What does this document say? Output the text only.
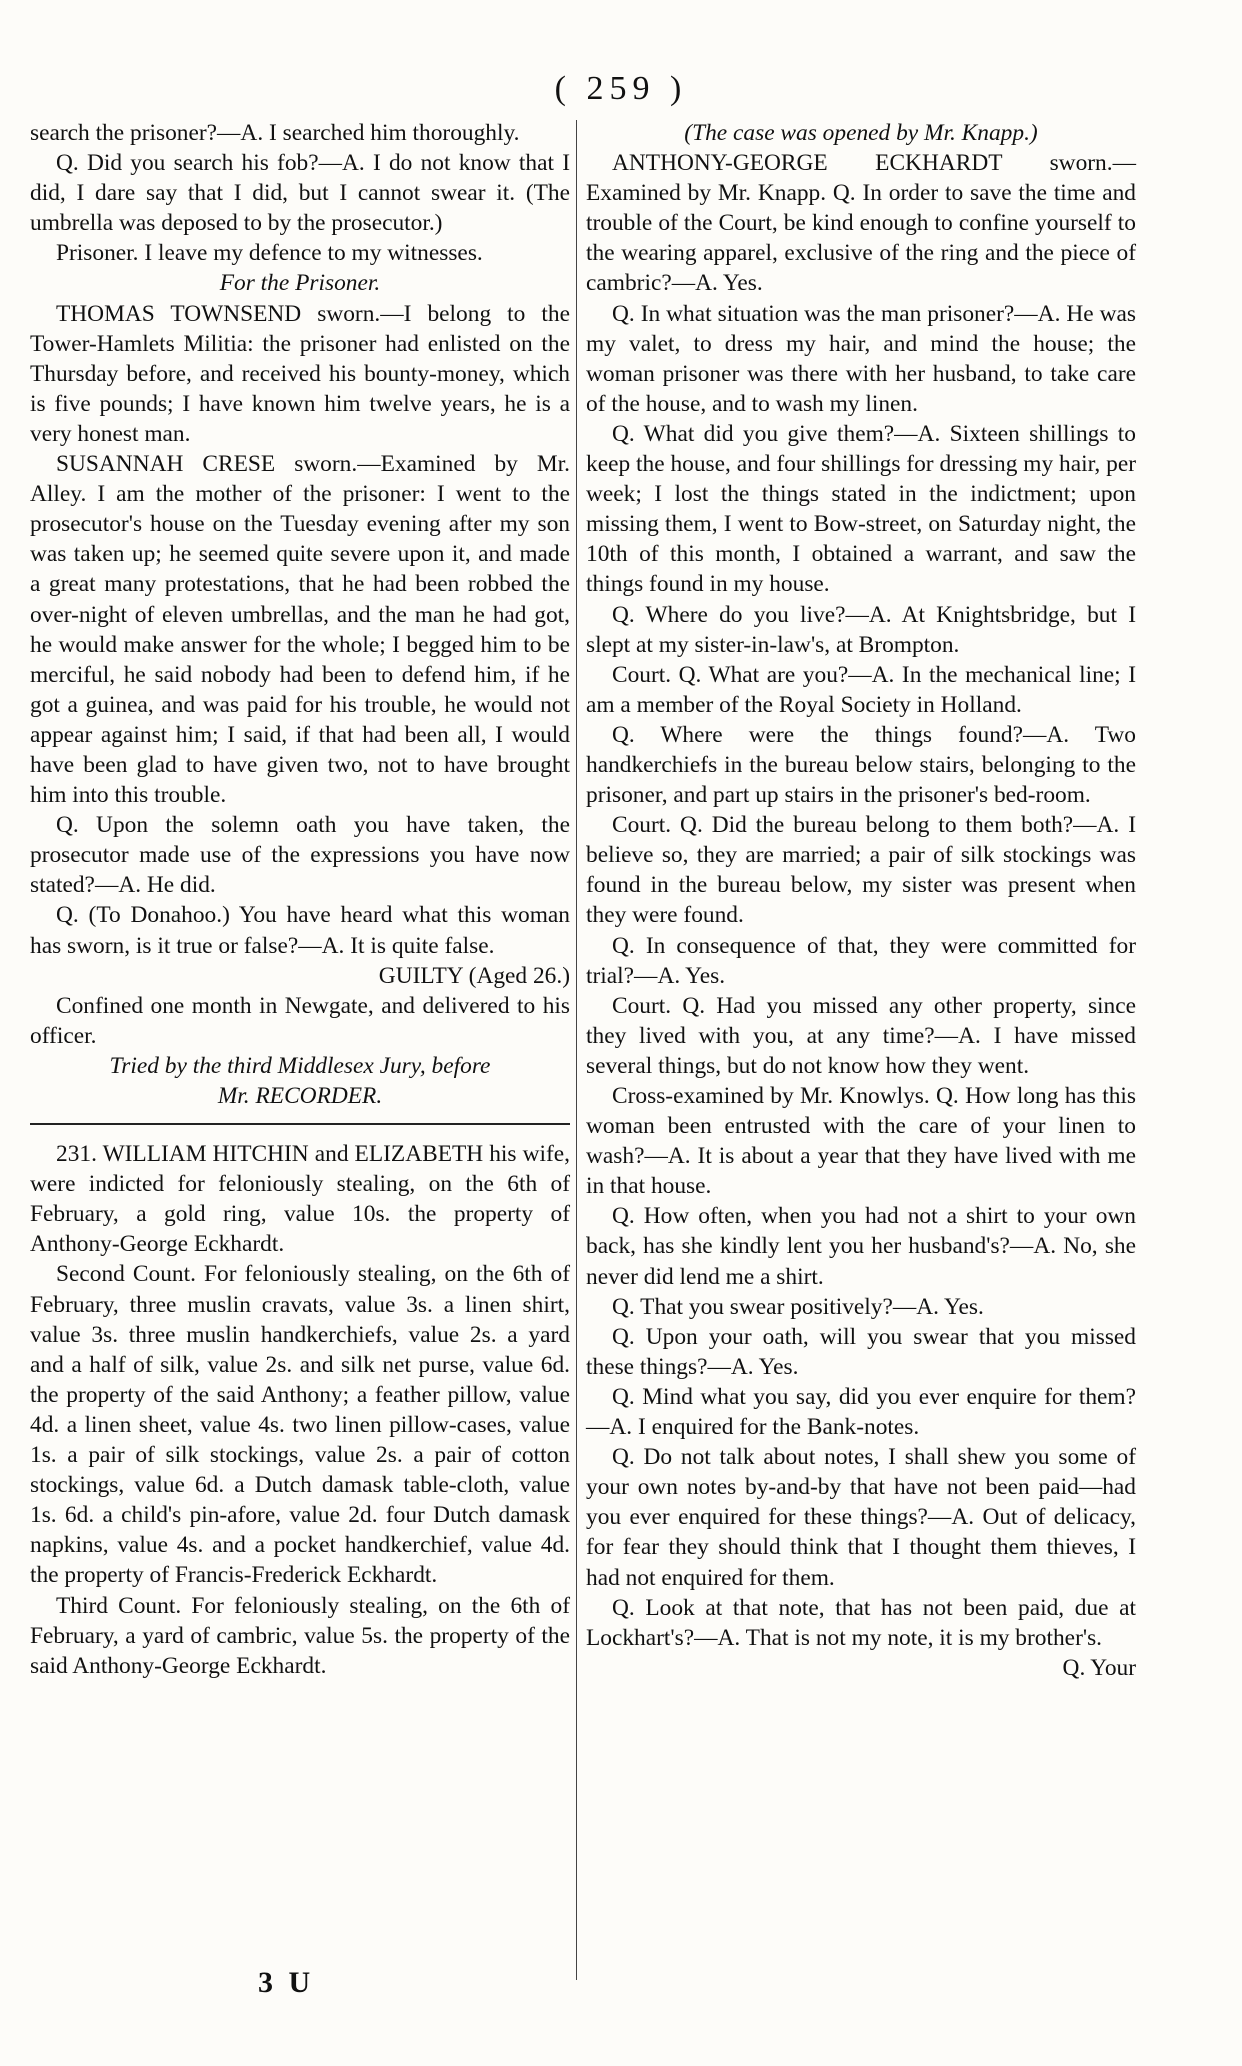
( 259 )

search the prisoner?—A. I searched him thoroughly.

Q. Did you search his fob?—A. I do not know that I did, I dare say that I did, but I cannot swear it. (The umbrella was deposed to by the prosecutor.)

Prisoner. I leave my defence to my witnesses.

For the Prisoner.

THOMAS TOWNSEND sworn.—I belong to the Tower-Hamlets Militia: the prisoner had enlisted on the Thursday before, and received his bounty-money, which is five pounds; I have known him twelve years, he is a very honest man.

SUSANNAH CRESE sworn.—Examined by Mr. Alley. I am the mother of the prisoner: I went to the prosecutor's house on the Tuesday evening after my son was taken up; he seemed quite severe upon it, and made a great many protestations, that he had been robbed the over-night of eleven umbrellas, and the man he had got, he would make answer for the whole; I begged him to be merciful, he said nobody had been to defend him, if he got a guinea, and was paid for his trouble, he would not appear against him; I said, if that had been all, I would have been glad to have given two, not to have brought him into this trouble.

Q. Upon the solemn oath you have taken, the prosecutor made use of the expressions you have now stated?—A. He did.

Q. (To Donahoo.) You have heard what this woman has sworn, is it true or false?—A. It is quite false.

GUILTY (Aged 26.)

Confined one month in Newgate, and delivered to his officer.

Tried by the third Middlesex Jury, before

Mr. RECORDER.

231. WILLIAM HITCHIN and ELIZABETH his wife, were indicted for feloniously stealing, on the 6th of February, a gold ring, value 10s. the property of Anthony-George Eckhardt.

Second Count. For feloniously stealing, on the 6th of February, three muslin cravats, value 3s. a linen shirt, value 3s. three muslin handkerchiefs, value 2s. a yard and a half of silk, value 2s. and silk net purse, value 6d. the property of the said Anthony; a feather pillow, value 4d. a linen sheet, value 4s. two linen pillow-cases, value 1s. a pair of silk stockings, value 2s. a pair of cotton stockings, value 6d. a Dutch damask table-cloth, value 1s. 6d. a child's pin-afore, value 2d. four Dutch damask napkins, value 4s. and a pocket handkerchief, value 4d. the property of Francis-Frederick Eckhardt.

Third Count. For feloniously stealing, on the 6th of February, a yard of cambric, value 5s. the property of the said Anthony-George Eckhardt.

(The case was opened by Mr. Knapp.)

ANTHONY-GEORGE ECKHARDT sworn.—Examined by Mr. Knapp. Q. In order to save the time and trouble of the Court, be kind enough to confine yourself to the wearing apparel, exclusive of the ring and the piece of cambric?—A. Yes.

Q. In what situation was the man prisoner?—A. He was my valet, to dress my hair, and mind the house; the woman prisoner was there with her husband, to take care of the house, and to wash my linen.

Q. What did you give them?—A. Sixteen shillings to keep the house, and four shillings for dressing my hair, per week; I lost the things stated in the indictment; upon missing them, I went to Bow-street, on Saturday night, the 10th of this month, I obtained a warrant, and saw the things found in my house.

Q. Where do you live?—A. At Knightsbridge, but I slept at my sister-in-law's, at Brompton.

Court. Q. What are you?—A. In the mechanical line; I am a member of the Royal Society in Holland.

Q. Where were the things found?—A. Two handkerchiefs in the bureau below stairs, belonging to the prisoner, and part up stairs in the prisoner's bed-room.

Court. Q. Did the bureau belong to them both?—A. I believe so, they are married; a pair of silk stockings was found in the bureau below, my sister was present when they were found.

Q. In consequence of that, they were committed for trial?—A. Yes.

Court. Q. Had you missed any other property, since they lived with you, at any time?—A. I have missed several things, but do not know how they went.

Cross-examined by Mr. Knowlys. Q. How long has this woman been entrusted with the care of your linen to wash?—A. It is about a year that they have lived with me in that house.

Q. How often, when you had not a shirt to your own back, has she kindly lent you her husband's?—A. No, she never did lend me a shirt.

Q. That you swear positively?—A. Yes.

Q. Upon your oath, will you swear that you missed these things?—A. Yes.

Q. Mind what you say, did you ever enquire for them?—A. I enquired for the Bank-notes.

Q. Do not talk about notes, I shall shew you some of your own notes by-and-by that have not been paid—had you ever enquired for these things?—A. Out of delicacy, for fear they should think that I thought them thieves, I had not enquired for them.

Q. Look at that note, that has not been paid, due at Lockhart's?—A. That is not my note, it is my brother's.

Q. Your

3 U
